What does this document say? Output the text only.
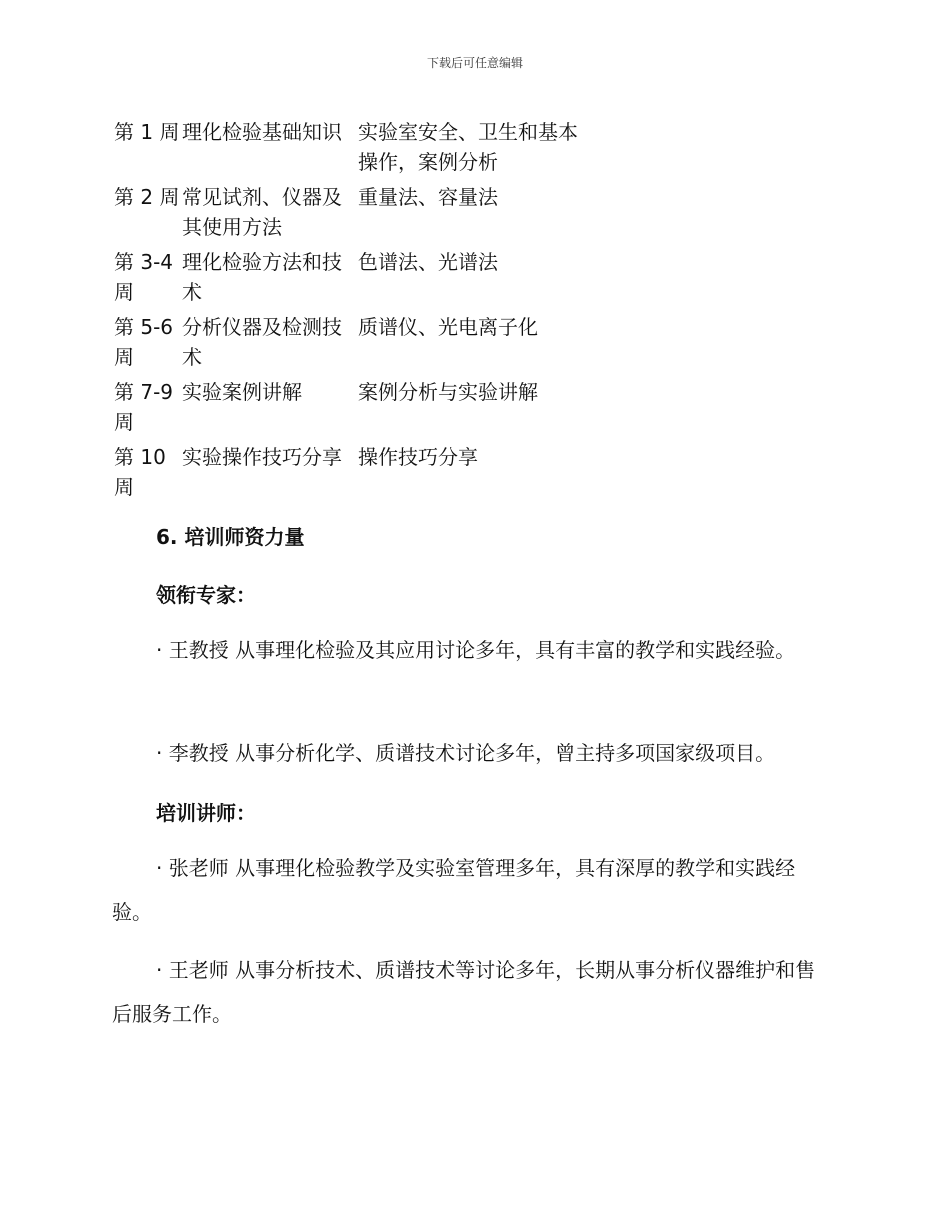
下载后可任意编辑
第 1 周	理化检验基础知识	实验室安全、卫生和基本操作，案例分析
第 2 周	常见试剂、仪器及其使用方法	重量法、容量法
第 3-4 周	理化检验方法和技术	色谱法、光谱法
第 5-6 周	分析仪器及检测技术	质谱仪、光电离子化
第 7-9 周	实验案例讲解	案例分析与实验讲解
第 10 周	实验操作技巧分享	操作技巧分享
6. 培训师资力量
领衔专家：

· 王教授 从事理化检验及其应用讨论多年，具有丰富的教学和实践经验。

· 李教授 从事分析化学、质谱技术讨论多年，曾主持多项国家级项目。

培训讲师：

· 张老师 从事理化检验教学及实验室管理多年，具有深厚的教学和实践经验。

· 王老师 从事分析技术、质谱技术等讨论多年，长期从事分析仪器维护和售后服务工作。
